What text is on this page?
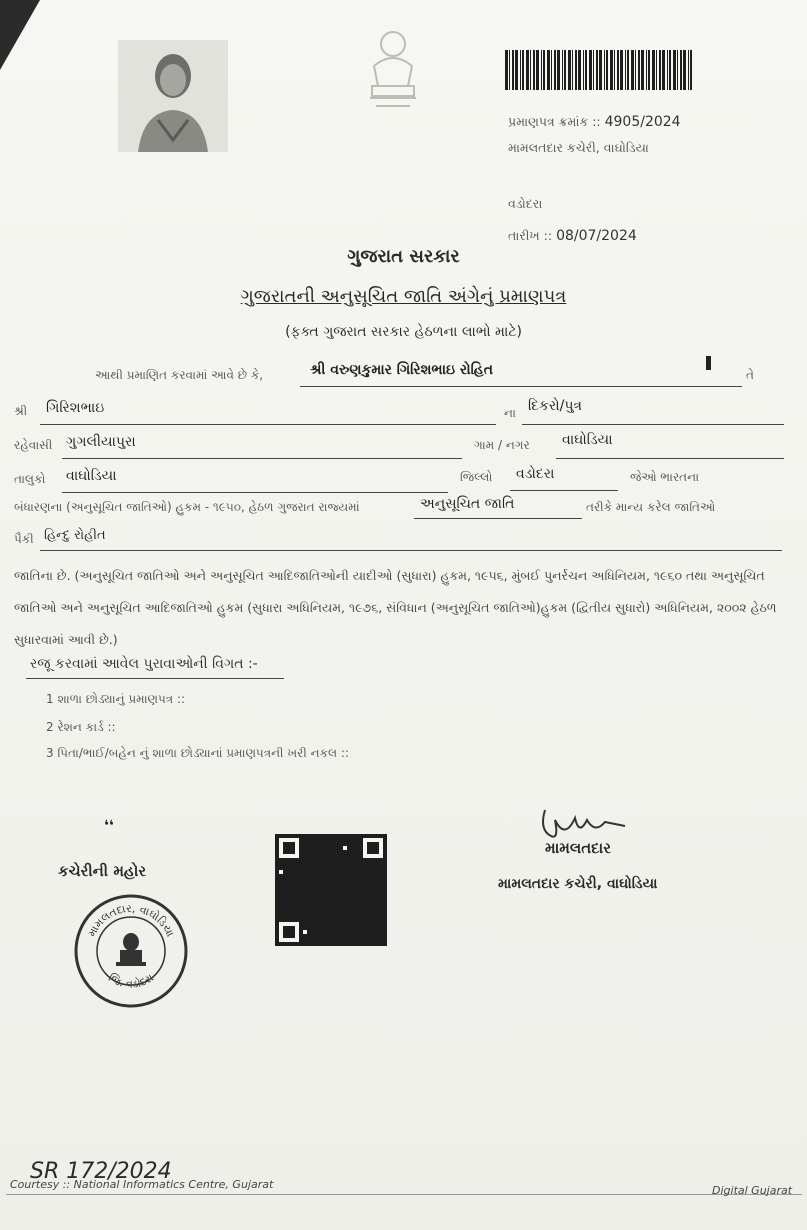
પ્રમાણપત્ર ક્રમાંક :: 4905/2024
મામલતદાર કચેરી, વાઘોડિયા
વડોદરા
તારીખ :: 08/07/2024
ગુજરાત સરકાર
ગુજરાતની અનુસૂચિત જાતિ અંગેનું પ્રમાણપત્ર
(ફક્ત ગુજરાત સરકાર હેઠળના લાભો માટે)
આથી પ્રમાણિત કરવામાં આવે છે કે,	શ્રી વરુણકુમાર ગિરિશભાઇ રોહિત	તે
શ્રી ગિરિશભાઇ	ના દિકરો/પુત્ર
રહેવાસી ગુગલીયાપુરા	ગામ / નગર વાઘોડિયા
તાલુકો વાઘોડિયા	જિલ્લો વડોદરા	જેઓ ભારતના
બંધારણના (અનુસૂચિત જાતિઓ) હુકમ - ૧૯૫૦, હેઠળ ગુજરાત રાજ્યમાં	અનુસૂચિત જાતિ	તરીકે માન્ય કરેલ જાતિઓ
પૈકી હિન્દુ રોહીત
જાતિના છે. (અનુસૂચિત જાતિઓ અને અનુસૂચિત આદિજાતિઓની યાદીઓ (સુધારા) હુકમ, ૧૯૫૬, મુંબઈ પુનર્રચન અધિનિયમ, ૧૯૬૦ તથા અનુસૂચિત જાતિઓ અને અનુસૂચિત આદિજાતિઓ હુકમ (સુધારા અધિનિયમ, ૧૯૭૬, સંવિધાન (અનુસૂચિત જાતિઓ)હુકમ (દ્વિતીય સુધારો) અધિનિયમ, ૨૦૦૨ હેઠળ સુધારવામાં આવી છે.)
રજૂ કરવામાં આવેલ પુરાવાઓની વિગત :-
1 શાળા છોડ્યાનું પ્રમાણપત્ર ::
2 રેશન કાર્ડ ::
3 પિતા/ભાઈ/બહેન નું શાળા છોડ્યાનાં પ્રમાણપત્રની ખરી નકલ ::
❛❛
કચેરીની મહોર
મામલતદાર, વાઘોડિયા
જિ. વડોદરા
મામલતદાર
મામલતદાર કચેરી, વાઘોડિયા
SR 172/2024
Courtesy :: National Informatics Centre, Gujarat	Digital Gujarat
